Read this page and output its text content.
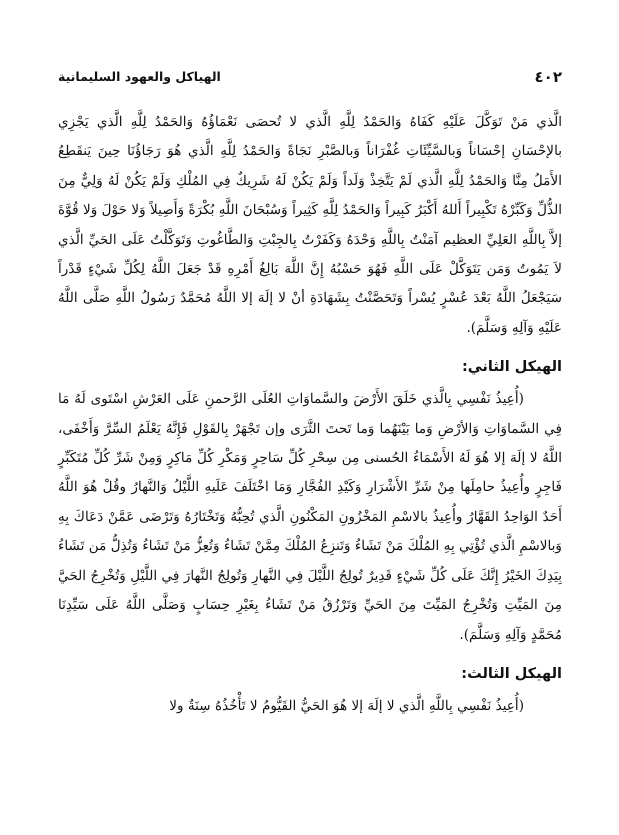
٤٠٢
الهياكل والعهود السليمانية

الَّذي مَنْ تَوَكَّلَ عَلَيْهِ كَفَاهُ وَالحَمْدُ لِلَّهِ الَّذي لا تُحصَى نَعْمَاؤُهُ وَالحَمْدُ لِلَّهِ الَّذي يَجْزِي بالإحْسَانِ إحْسَاناً وَبالسَّيِّئَاتِ غُفْرَاناً وَبالصَّبْرِ نَجَاةً وَالحَمْدُ لِلَّهِ الَّذي هُوَ رَجَاؤُنَا حِينَ يَنقَطِعُ الأَمَلُ مِنَّا وَالحَمْدُ لِلَّهِ الَّذي لَمْ يَتَّخِذْ وَلَداً وَلَمْ يَكُنْ لَهُ شَرِيكٌ فِي المُلْكِ وَلَمْ يَكُنْ لَهُ وَلِيٌّ مِنَ الذُّلِّ وَكَبِّرْهُ تَكْبِيراً أَللهُ أَكْبَرُ كَبِيراً وَالحَمْدُ لِلَّهِ كَثِيراً وَسُبْحَانَ اللَّهِ بُكْرَةً وَأَصِيلاً وَلا حَوْلَ وَلا قُوَّةَ إلاَّ بِاللَّهِ العَلِيِّ العظيم آمَنْتُ بِاللَّهِ وَحْدَهُ وَكَفَرْتُ بِالجِبْتِ وَالطَّاغُوتِ وَتَوَكَّلْتُ عَلَى الحَيِّ الَّذي لاَ يَمُوتُ وَمَن يَتَوَكَّلْ عَلَى اللَّهِ فَهُوَ حَسْبُهُ إِنَّ اللَّهَ بَالِغُ أَمْرِهِ قَدْ جَعَلَ اللَّهُ لِكُلِّ شَيْءٍ قَدْراً سَيَجْعَلُ اللَّهُ بَعْدَ عُسْرٍ يُسْراً وَتَحَصَّنْتُ بِشَهَادَةِ أنْ لا إلَهَ إلا اللَّهُ مُحَمَّدٌ رَسُولُ اللَّهِ صَلَّى اللَّهُ عَلَيْهِ وَآلِهِ وَسَلَّمَ).

الهيكل الثاني:

(أُعِيذُ نَفْسِي بِالَّذي خَلَقَ الأَرْضَ والسَّماوَاتِ العُلَى الرَّحمنِ عَلَى العَرْشِ اسْتَوى لَهُ مَا فِي السَّماوَاتِ وَالأرْضِ وَما بَيْنَهُما وَما تَحتَ الثَّرَى وإن تَجْهَرْ بِالقَوْلِ فَإِنَّهُ يَعْلَمُ السِّرَّ وَأَخْفَى، اللَّهُ لا إلَهَ إلا هُوَ لَهُ الأَسْمَاءُ الحُسنى مِن سِحْرِ كُلِّ سَاحِرٍ وَمَكْرِ كُلِّ مَاكِرٍ وَمِنْ شَرِّ كُلِّ مُتَكَبِّرٍ فَاجِرٍ وأُعِيذُ حامِلَها مِنْ شَرِّ الأَشْرَارِ وَكَيْدِ الفُجَّارِ وَمَا اخْتَلَفَ عَلَيهِ اللَّيْلُ وَالنَّهارُ وقُلْ هُوَ اللَّهُ أَحَدٌ الوَاحِدُ القَهَّارُ وأُعِيذُ بالاسْمِ المَخْزُونِ المَكْنُونِ الَّذي تُحِبُّهُ وَتَخْتَارُهُ وَتَرْضَى عَمَّنْ دَعَاكَ بِهِ وَبالاسْمِ الَّذي تُؤْتِي بِهِ المُلْكَ مَنْ تَشَاءُ وَتَنزِعُ المُلْكَ مِمَّنْ تَشَاءُ وَتُعِزُّ مَنْ تَشَاءُ وَتُذِلُّ مَن تَشَاءُ بِيَدِكَ الخَيْرُ إِنَّكَ عَلَى كُلِّ شَيْءٍ قَدِيرٌ تُولِجُ اللَّيْلَ فِي النَّهارِ وَتُولِجُ النَّهارَ فِي اللَّيْلِ وَتُخْرِجُ الحَيَّ مِنَ المَيِّتِ وَتُخْرِجُ المَيِّتَ مِنَ الحَيِّ وَتَرْزُقُ مَنْ تَشَاءُ بِغَيْرِ حِسَابٍ وَصَلَّى اللَّهُ عَلَى سَيِّدِنَا مُحَمَّدٍ وَآلِهِ وَسَلَّمَ).

الهيكل الثالث:

(أُعِيذُ نَفْسِي بِاللَّهِ الَّذي لا إلَهَ إلا هُوَ الحَيُّ القَيُّومُ لا تَأْخُذُهُ سِنَةٌ ولا
